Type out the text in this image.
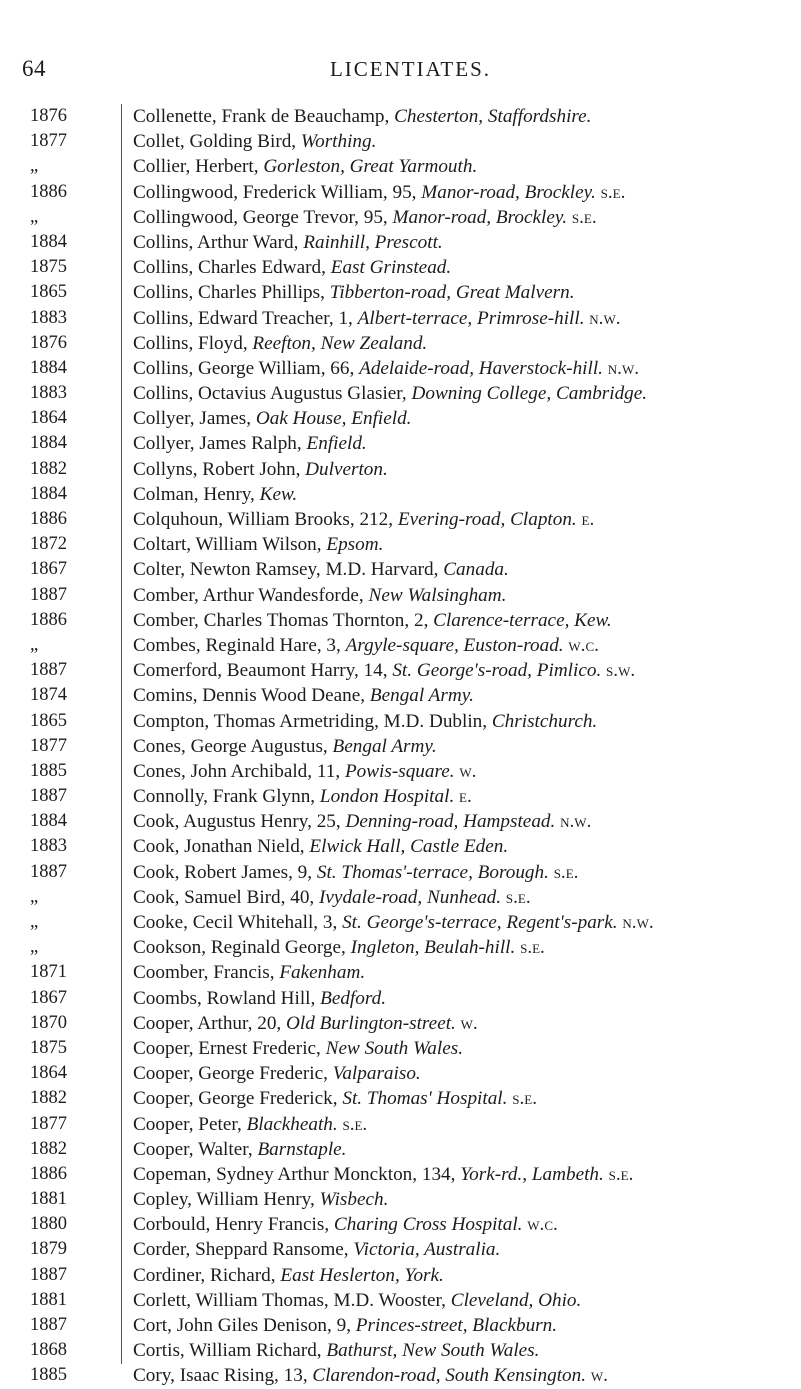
64	LICENTIATES.
1876	Collenette, Frank de Beauchamp, Chesterton, Staffordshire.
1877	Collet, Golding Bird, Worthing.
„	Collier, Herbert, Gorleston, Great Yarmouth.
1886	Collingwood, Frederick William, 95, Manor-road, Brockley. s.e.
„	Collingwood, George Trevor, 95, Manor-road, Brockley. s.e.
1884	Collins, Arthur Ward, Rainhill, Prescott.
1875	Collins, Charles Edward, East Grinstead.
1865	Collins, Charles Phillips, Tibberton-road, Great Malvern.
1883	Collins, Edward Treacher, 1, Albert-terrace, Primrose-hill. n.w.
1876	Collins, Floyd, Reefton, New Zealand.
1884	Collins, George William, 66, Adelaide-road, Haverstock-hill. n.w.
1883	Collins, Octavius Augustus Glasier, Downing College, Cambridge.
1864	Collyer, James, Oak House, Enfield.
1884	Collyer, James Ralph, Enfield.
1882	Collyns, Robert John, Dulverton.
1884	Colman, Henry, Kew.
1886	Colquhoun, William Brooks, 212, Evering-road, Clapton. e.
1872	Coltart, William Wilson, Epsom.
1867	Colter, Newton Ramsey, M.D. Harvard, Canada.
1887	Comber, Arthur Wandesforde, New Walsingham.
1886	Comber, Charles Thomas Thornton, 2, Clarence-terrace, Kew.
„	Combes, Reginald Hare, 3, Argyle-square, Euston-road. w.c.
1887	Comerford, Beaumont Harry, 14, St. George's-road, Pimlico. s.w.
1874	Comins, Dennis Wood Deane, Bengal Army.
1865	Compton, Thomas Armetriding, M.D. Dublin, Christchurch.
1877	Cones, George Augustus, Bengal Army.
1885	Cones, John Archibald, 11, Powis-square. w.
1887	Connolly, Frank Glynn, London Hospital. e.
1884	Cook, Augustus Henry, 25, Denning-road, Hampstead. n.w.
1883	Cook, Jonathan Nield, Elwick Hall, Castle Eden.
1887	Cook, Robert James, 9, St. Thomas'-terrace, Borough. s.e.
„	Cook, Samuel Bird, 40, Ivydale-road, Nunhead. s.e.
„	Cooke, Cecil Whitehall, 3, St. George's-terrace, Regent's-park. n.w.
„	Cookson, Reginald George, Ingleton, Beulah-hill. s.e.
1871	Coomber, Francis, Fakenham.
1867	Coombs, Rowland Hill, Bedford.
1870	Cooper, Arthur, 20, Old Burlington-street. w.
1875	Cooper, Ernest Frederic, New South Wales.
1864	Cooper, George Frederic, Valparaiso.
1882	Cooper, George Frederick, St. Thomas' Hospital. s.e.
1877	Cooper, Peter, Blackheath. s.e.
1882	Cooper, Walter, Barnstaple.
1886	Copeman, Sydney Arthur Monckton, 134, York-rd., Lambeth. s.e.
1881	Copley, William Henry, Wisbech.
1880	Corbould, Henry Francis, Charing Cross Hospital. w.c.
1879	Corder, Sheppard Ransome, Victoria, Australia.
1887	Cordiner, Richard, East Heslerton, York.
1881	Corlett, William Thomas, M.D. Wooster, Cleveland, Ohio.
1887	Cort, John Giles Denison, 9, Princes-street, Blackburn.
1868	Cortis, William Richard, Bathurst, New South Wales.
1885	Cory, Isaac Rising, 13, Clarendon-road, South Kensington. w.
